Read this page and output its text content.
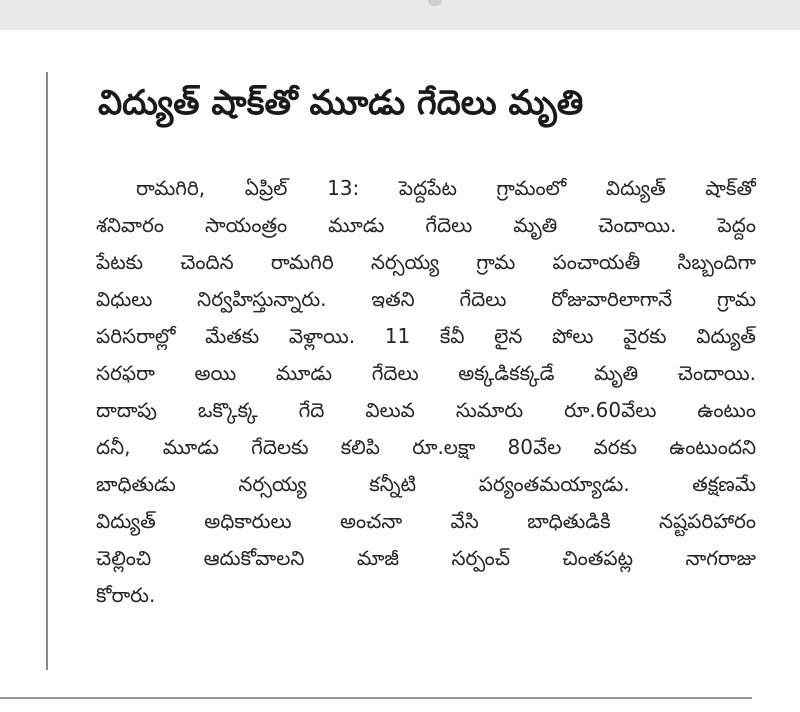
విద్యుత్ షాక్‌తో మూడు గేదెలు మృతి
రామగిరి, ఏప్రిల్ 13: పెద్దపేట గ్రామంలో విద్యుత్ షాక్‌తో
శనివారం సాయంత్రం మూడు గేదెలు మృతి చెందాయి. పెద్దం
పేటకు చెందిన రామగిరి నర్సయ్య గ్రామ పంచాయతీ సిబ్బందిగా
విధులు నిర్వహిస్తున్నారు. ఇతని గేదెలు రోజువారిలాగానే గ్రామ
పరిసరాల్లో మేతకు వెళ్లాయి. 11 కేవీ లైన పోలు వైరకు విద్యుత్
సరఫరా అయి మూడు గేదెలు అక్కడికక్కడే మృతి చెందాయి.
దాదాపు ఒక్కొక్క గేదె విలువ సుమారు రూ.60వేలు ఉంటుం
దనీ, మూడు గేదెలకు కలిపి రూ.లక్షా 80వేల వరకు ఉంటుందని
బాధితుడు నర్సయ్య కన్నీటి పర్యంతమయ్యాడు. తక్షణమే
విద్యుత్ అధికారులు అంచనా వేసి బాధితుడికి నష్టపరిహారం
చెల్లించి ఆదుకోవాలని మాజీ సర్పంచ్ చింతపట్ల నాగరాజు
కోరారు.
